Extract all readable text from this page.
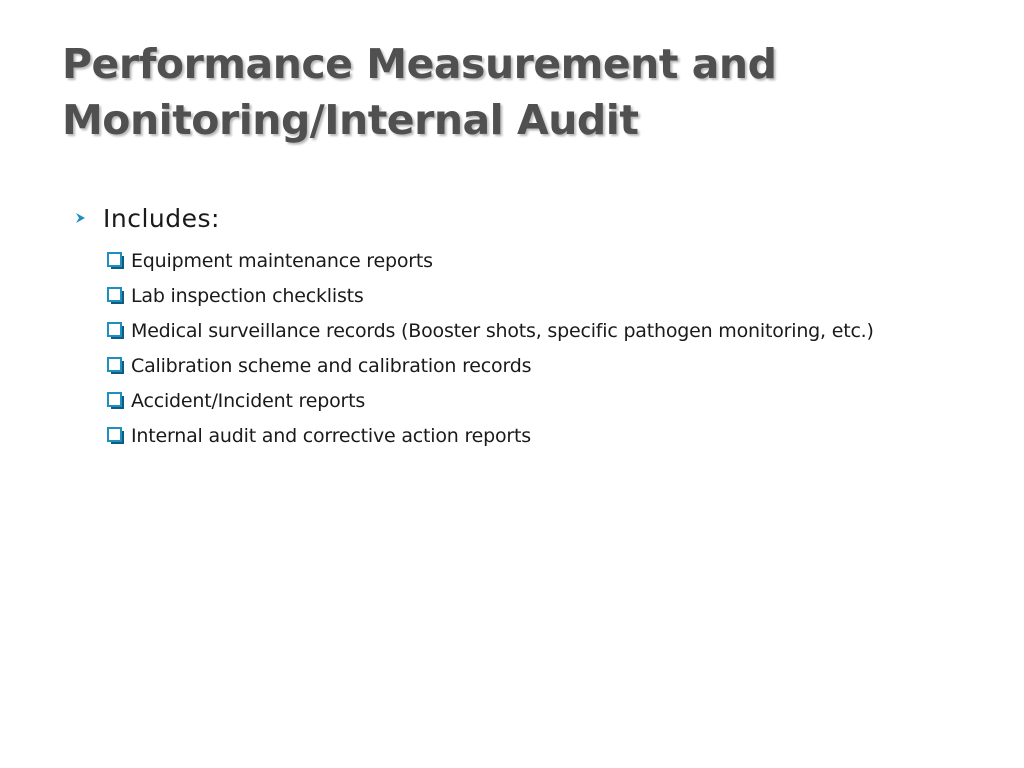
Performance Measurement and
Monitoring/Internal Audit
Includes:
Equipment maintenance reports
Lab inspection checklists
Medical surveillance records (Booster shots, specific pathogen monitoring, etc.)
Calibration scheme and calibration records
Accident/Incident reports
Internal audit and corrective action reports
